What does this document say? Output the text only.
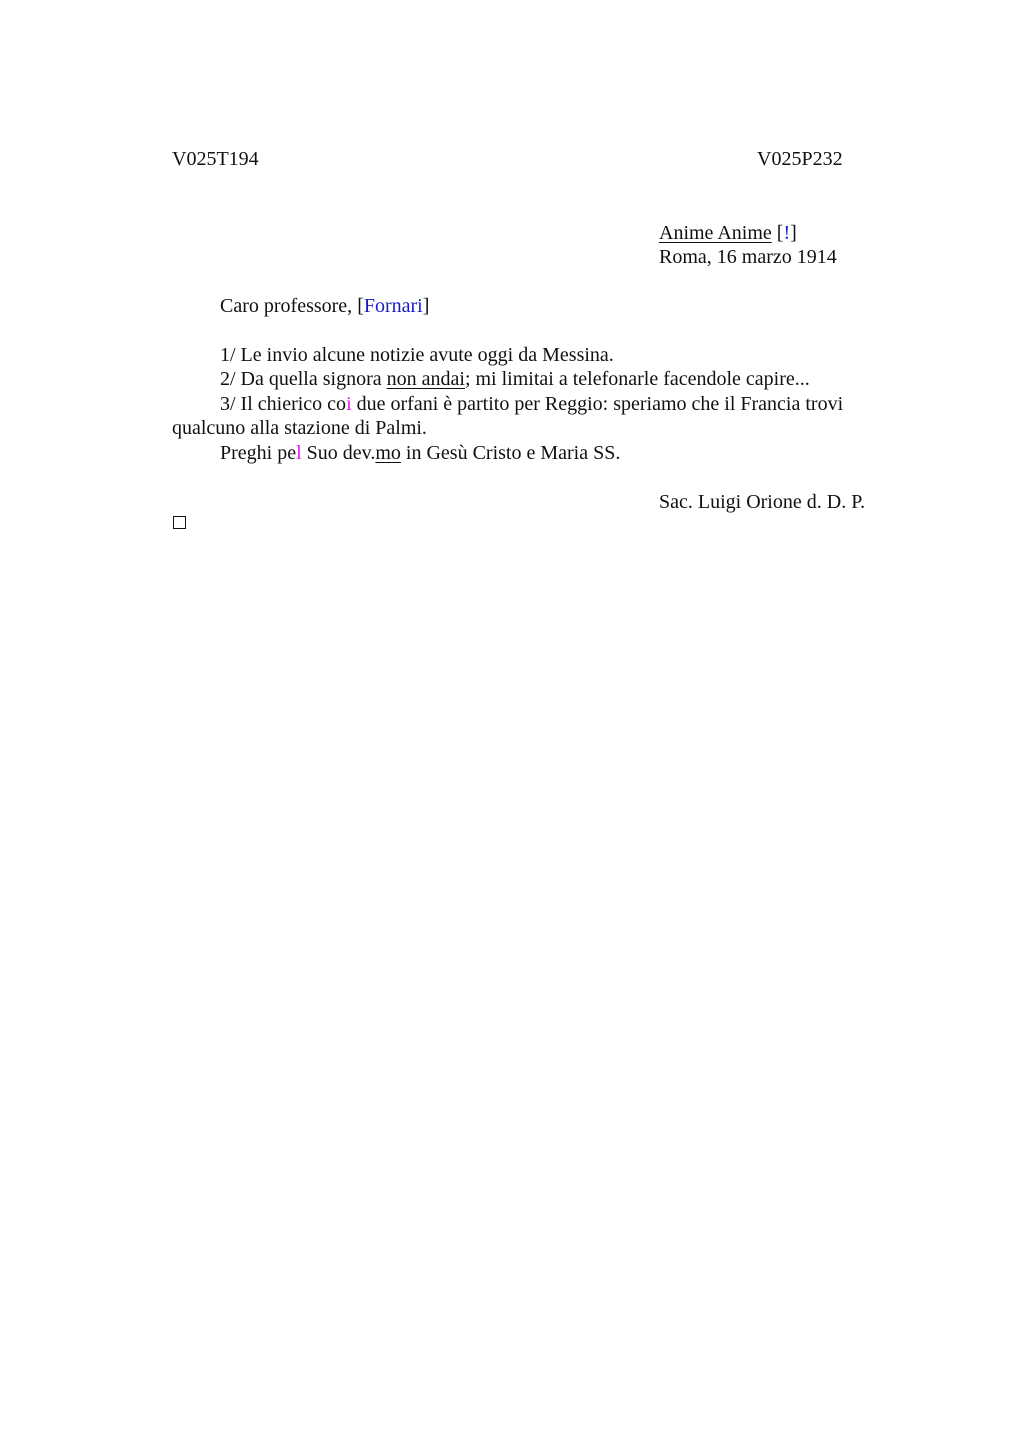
V025T194	V025P232
Anime Anime [!]
Roma, 16 marzo 1914
Caro professore, [Fornari]
1/ Le invio alcune notizie avute oggi da Messina.
2/ Da quella signora non andai; mi limitai a telefonarle facendole capire...
3/ Il chierico coi due orfani è partito per Reggio: speriamo che il Francia trovi
qualcuno alla stazione di Palmi.
Preghi pel Suo dev.mo in Gesù Cristo e Maria SS.
Sac. Luigi Orione d. D. P.
